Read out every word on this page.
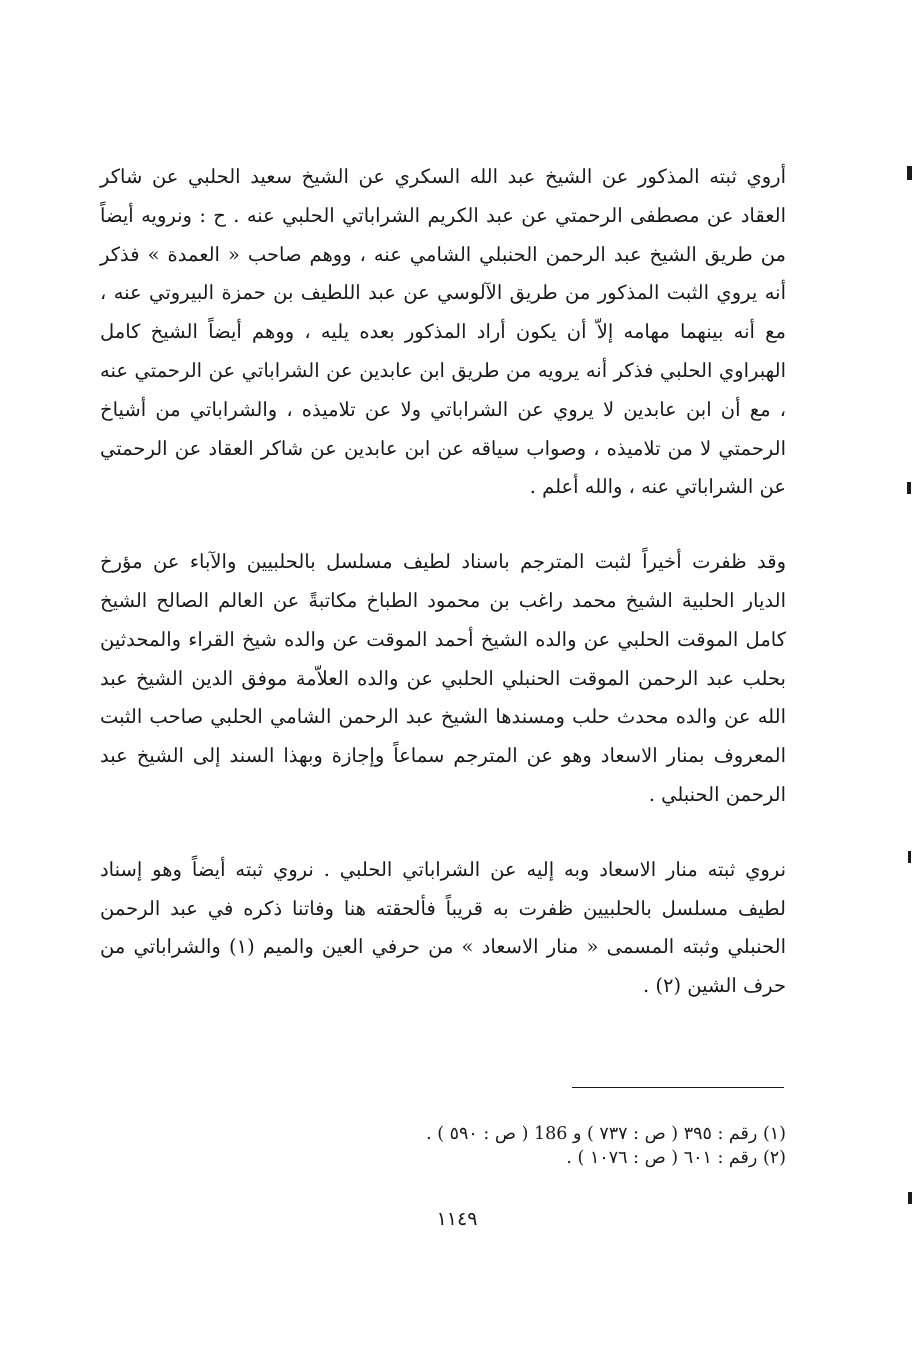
أروي ثبته المذكور عن الشيخ عبد الله السكري عن الشيخ سعيد الحلبي عن شاكر العقاد عن مصطفى الرحمتي عن عبد الكريم الشراباتي الحلبي عنه . ح : ونرويه أيضاً من طريق الشيخ عبد الرحمن الحنبلي الشامي عنه ، ووهم صاحب « العمدة » فذكر أنه يروي الثبت المذكور من طريق الآلوسي عن عبد اللطيف بن حمزة البيروتي عنه ، مع أنه بينهما مهامه إلاّ أن يكون أراد المذكور بعده يليه ، ووهم أيضاً الشيخ كامل الهبراوي الحلبي فذكر أنه يرويه من طريق ابن عابدين عن الشراباتي عن الرحمتي عنه ، مع أن ابن عابدين لا يروي عن الشراباتي ولا عن تلاميذه ، والشراباتي من أشياخ الرحمتي لا من تلاميذه ، وصواب سياقه عن ابن عابدين عن شاكر العقاد عن الرحمتي عن الشراباتي عنه ، والله أعلم .

وقد ظفرت أخيراً لثبت المترجم باسناد لطيف مسلسل بالحلبيين والآباء عن مؤرخ الديار الحلبية الشيخ محمد راغب بن محمود الطباخ مكاتبةً عن العالم الصالح الشيخ كامل الموقت الحلبي عن والده الشيخ أحمد الموقت عن والده شيخ القراء والمحدثين بحلب عبد الرحمن الموقت الحنبلي الحلبي عن والده العلاّمة موفق الدين الشيخ عبد الله عن والده محدث حلب ومسندها الشيخ عبد الرحمن الشامي الحلبي صاحب الثبت المعروف بمنار الاسعاد وهو عن المترجم سماعاً وإجازة وبهذا السند إلى الشيخ عبد الرحمن الحنبلي .

نروي ثبته منار الاسعاد وبه إليه عن الشراباتي الحلبي . نروي ثبته أيضاً وهو إسناد لطيف مسلسل بالحلبيين ظفرت به قريباً فألحقته هنا وفاتنا ذكره في عبد الرحمن الحنبلي وثبته المسمى « منار الاسعاد » من حرفي العين والميم (١) والشراباتي من حرف الشين (٢) .

(١) رقم : ٣٩٥ ( ص : ٧٣٧ ) و 186 ( ص : ٥٩٠ ) .

(٢) رقم : ٦٠١ ( ص : ١٠٧٦ ) .

١١٤٩
